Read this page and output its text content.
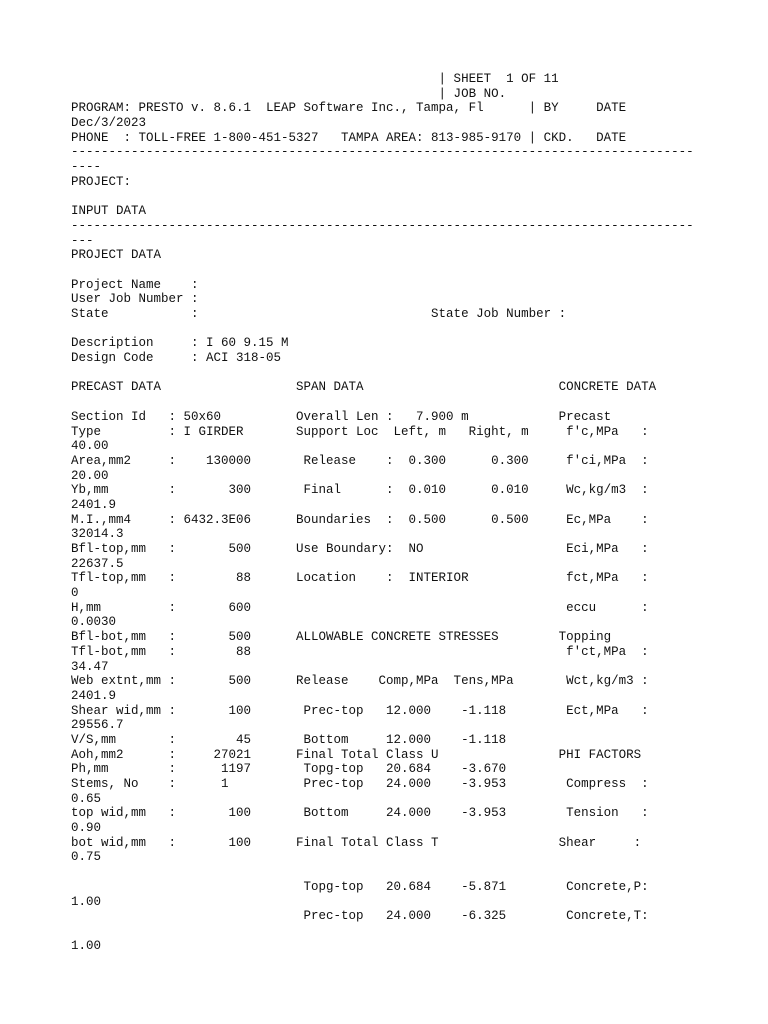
| SHEET  1 OF 11
| JOB NO.
PROGRAM: PRESTO v. 8.6.1  LEAP Software Inc., Tampa, Fl      | BY     DATE
Dec/3/2023
PHONE  : TOLL-FREE 1-800-451-5327   TAMPA AREA: 813-985-9170 | CKD.   DATE
-----------------------------------------------------------------------------------
----
PROJECT:
INPUT DATA
-----------------------------------------------------------------------------------
---
PROJECT DATA
Project Name    :
User Job Number :
State           :                               State Job Number :
Description     : I 60 9.15 M
Design Code     : ACI 318-05
PRECAST DATA                  SPAN DATA                          CONCRETE DATA
Section Id   : 50x60          Overall Len :   7.900 m            Precast
Type         : I GIRDER       Support Loc  Left, m   Right, m     f'c,MPa   :
40.00
Area,mm2     :    130000       Release    :  0.300      0.300     f'ci,MPa  :
20.00
Yb,mm        :       300       Final      :  0.010      0.010     Wc,kg/m3  :
2401.9
M.I.,mm4     : 6432.3E06      Boundaries  :  0.500      0.500     Ec,MPa    :
32014.3
Bfl-top,mm   :       500      Use Boundary:  NO                   Eci,MPa   :
22637.5
Tfl-top,mm   :        88      Location    :  INTERIOR             fct,MPa   :
0
H,mm         :       600                                          eccu      :
0.0030
Bfl-bot,mm   :       500      ALLOWABLE CONCRETE STRESSES        Topping
Tfl-bot,mm   :        88                                          f'ct,MPa  :
34.47
Web extnt,mm :       500      Release    Comp,MPa  Tens,MPa       Wct,kg/m3 :
2401.9
Shear wid,mm :       100       Prec-top   12.000    -1.118        Ect,MPa   :
29556.7
V/S,mm       :        45       Bottom     12.000    -1.118
Aoh,mm2      :     27021      Final Total Class U                PHI FACTORS
Ph,mm        :      1197       Topg-top   20.684    -3.670
Stems, No    :      1          Prec-top   24.000    -3.953        Compress  :
0.65
top wid,mm   :       100       Bottom     24.000    -3.953        Tension   :
0.90
bot wid,mm   :       100      Final Total Class T                Shear     :
0.75
Topg-top   20.684    -5.871        Concrete,P:
1.00
Prec-top   24.000    -6.325        Concrete,T:
1.00
